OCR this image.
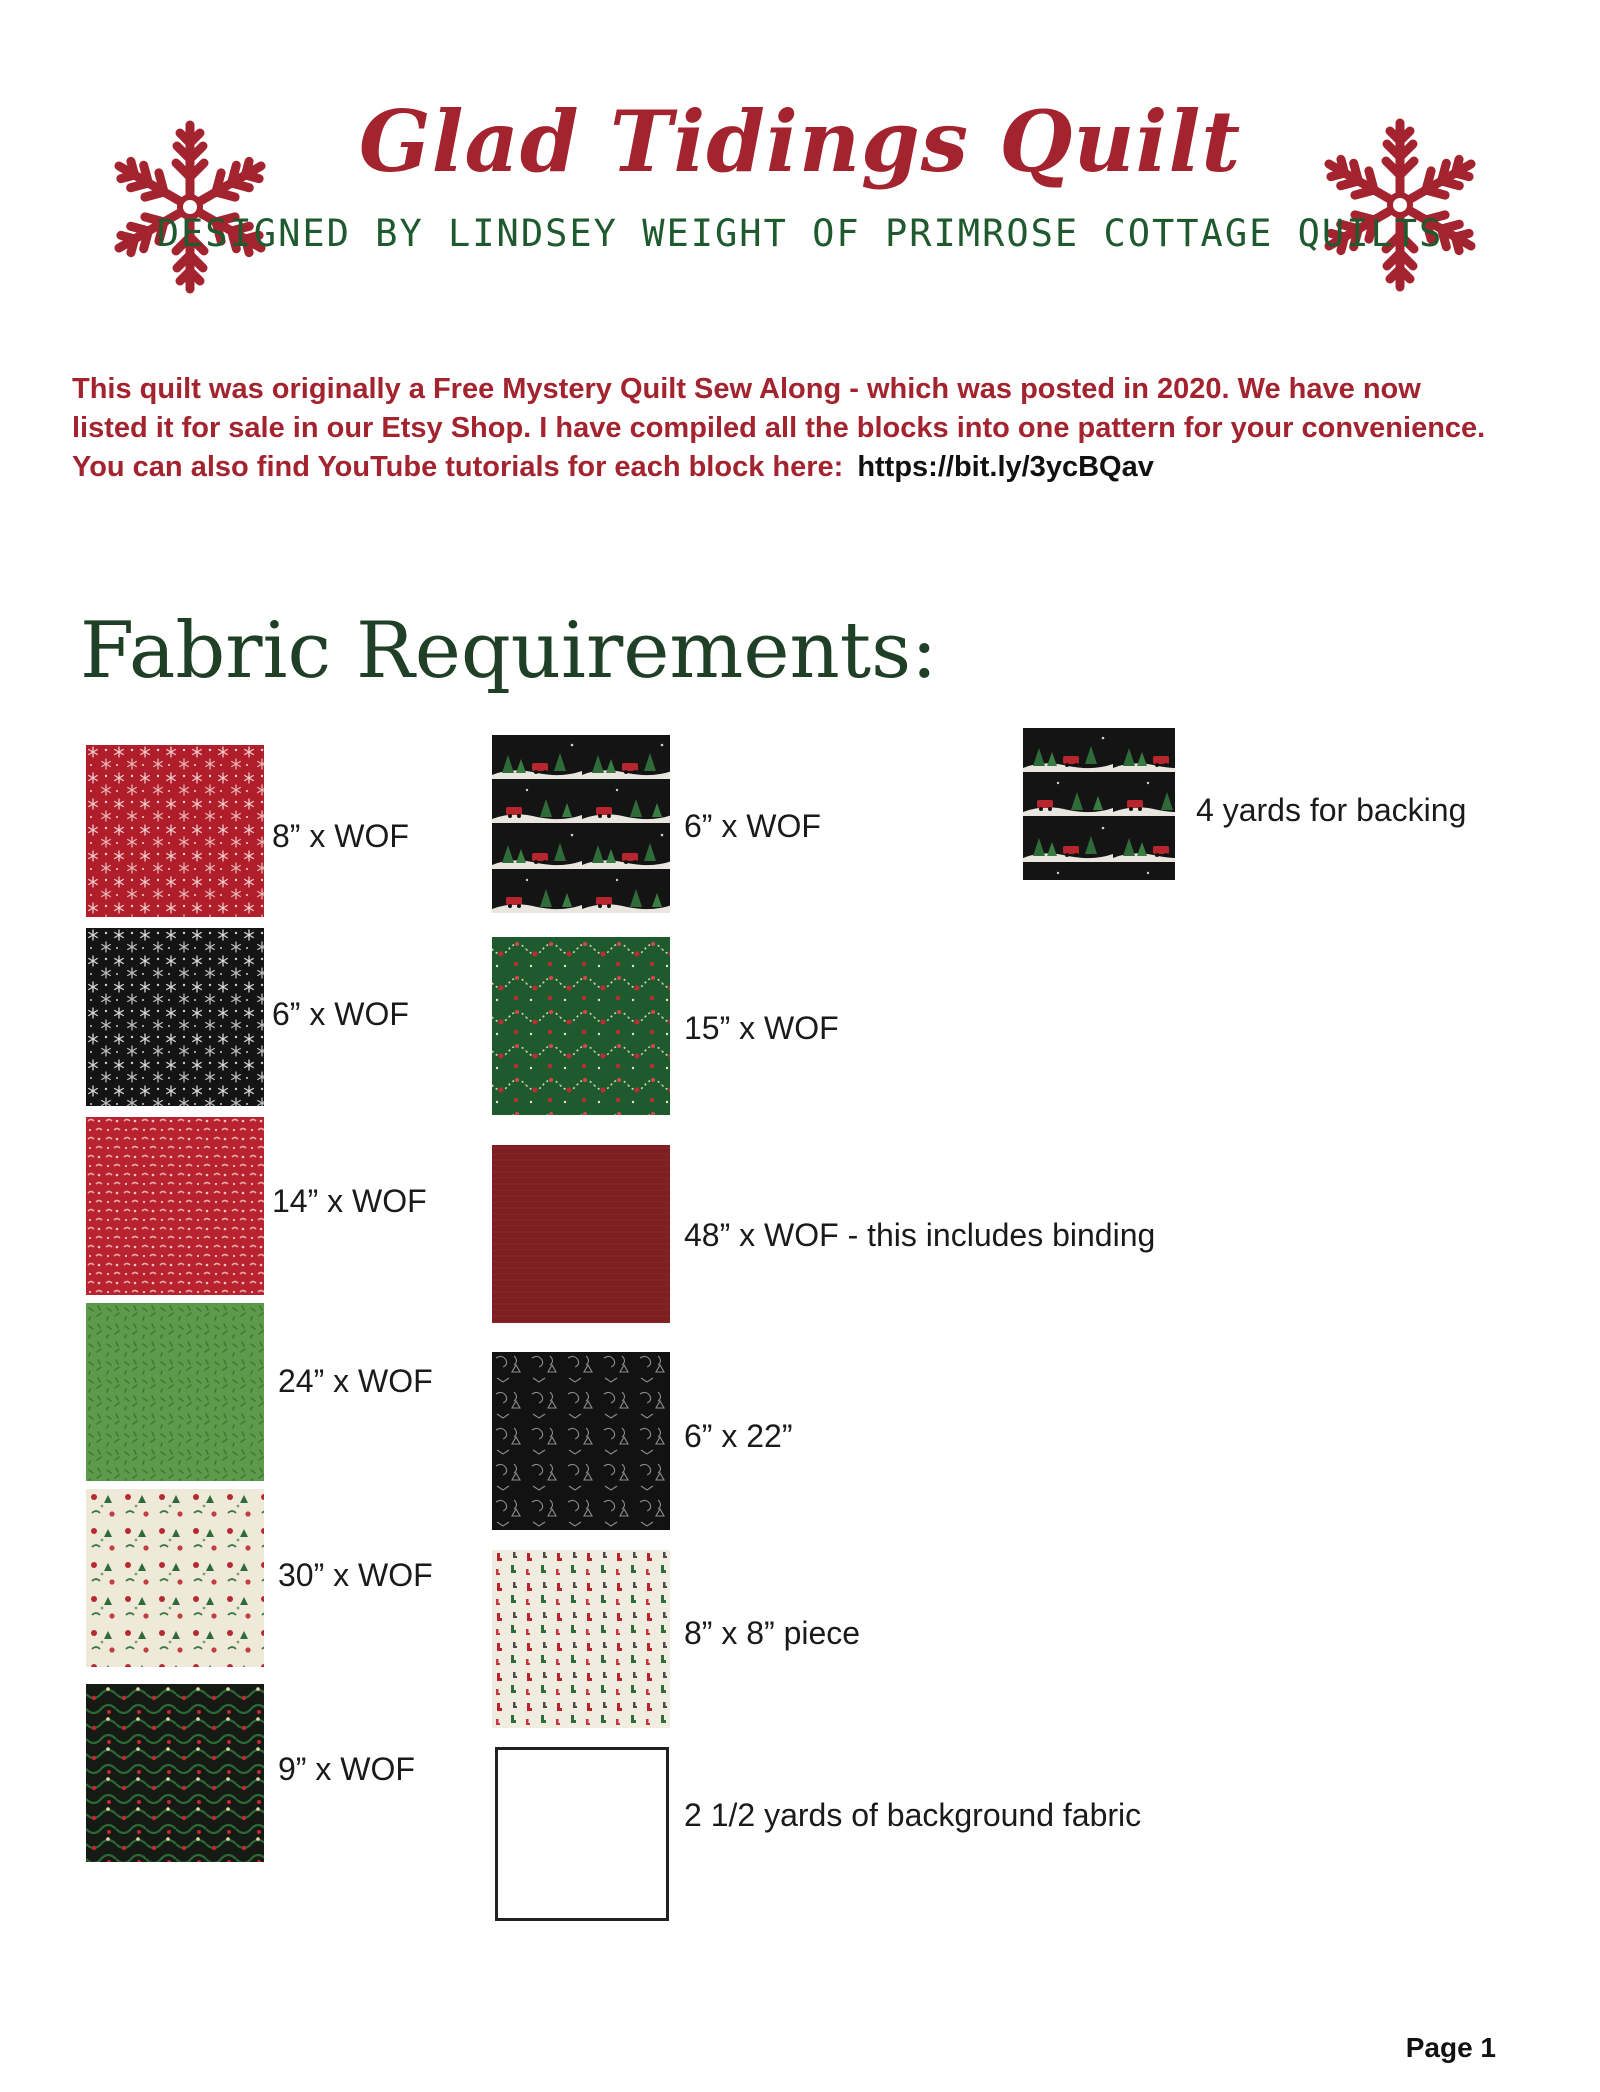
Glad Tidings Quilt
DESIGNED BY LINDSEY WEIGHT OF PRIMROSE COTTAGE QUILTS
This quilt was originally a Free Mystery Quilt Sew Along - which was posted in 2020. We have now listed it for sale in our Etsy Shop. I have compiled all the blocks into one pattern for your convenience. You can also find YouTube tutorials for each block here: https://bit.ly/3ycBQav
Fabric Requirements:
8” x WOF
6” x WOF
14” x WOF
24” x WOF
30” x WOF
9” x WOF
6” x WOF
15” x WOF
48” x WOF - this includes binding
6” x 22”
8” x 8” piece
2 1/2 yards of background fabric
4 yards for backing
Page 1
